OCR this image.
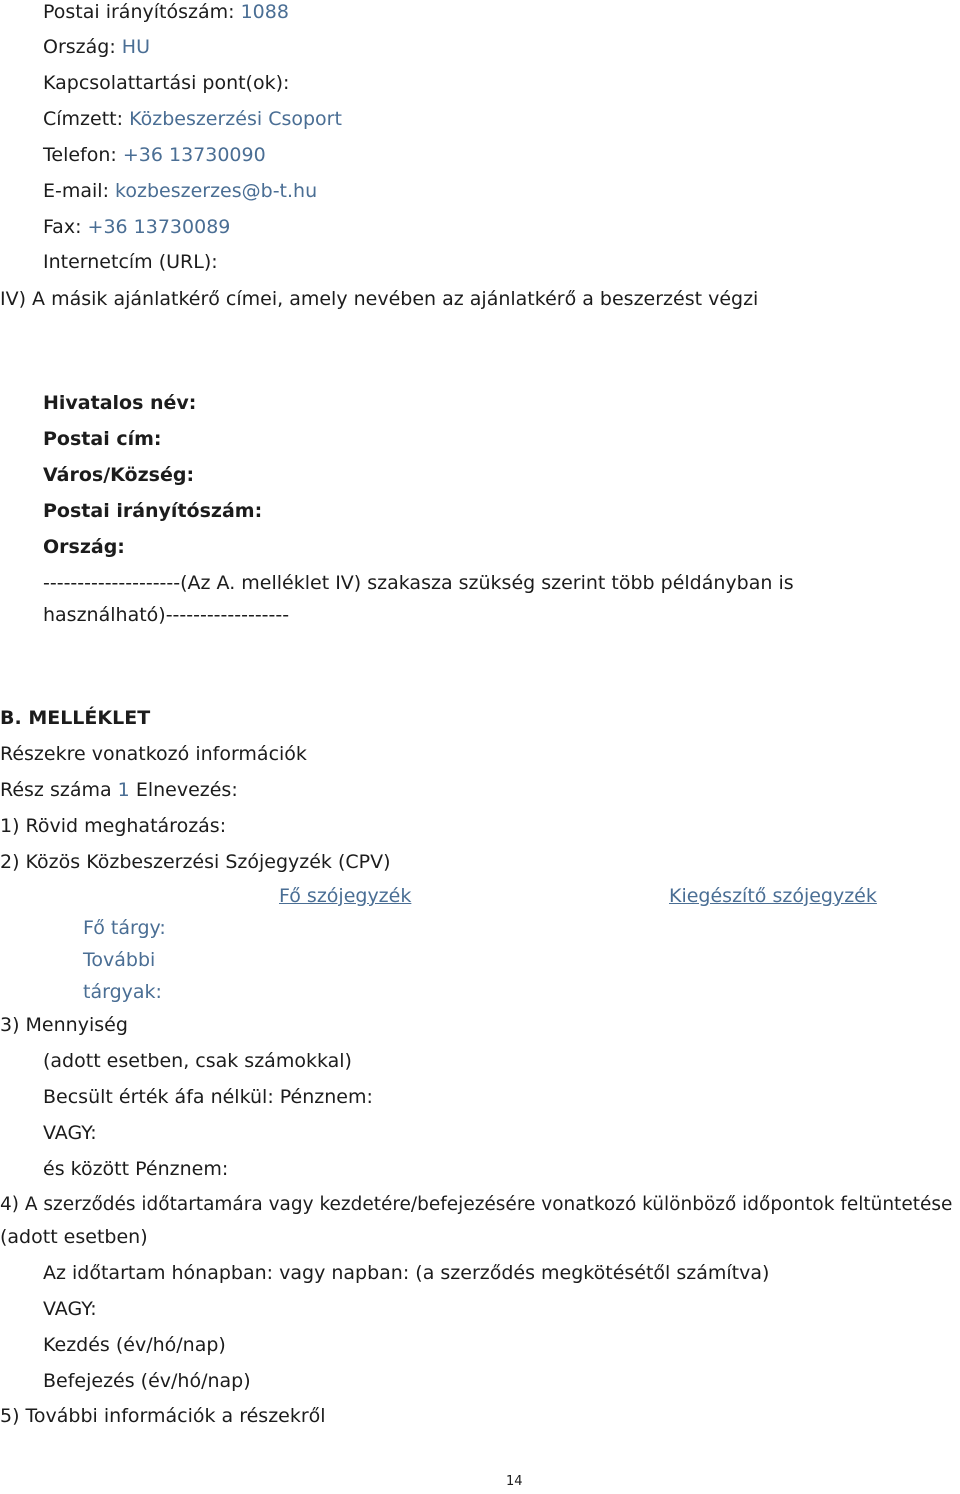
Postai irányítószám: 1088
Ország: HU
Kapcsolattartási pont(ok):
Címzett: Közbeszerzési Csoport
Telefon: +36 13730090
E-mail: kozbeszerzes@b-t.hu
Fax: +36 13730089
Internetcím (URL):
IV) A másik ajánlatkérő címei, amely nevében az ajánlatkérő a beszerzést végzi
Hivatalos név:
Postai cím:
Város/Község:
Postai irányítószám:
Ország:
--------------------(Az A. melléklet IV) szakasza szükség szerint több példányban is
használható)------------------
B. MELLÉKLET
Részekre vonatkozó információk
Rész száma 1 Elnevezés:
1) Rövid meghatározás:
2) Közös Közbeszerzési Szójegyzék (CPV)
Fő szójegyzék	Kiegészítő szójegyzék
Fő tárgy:
További
tárgyak:
3) Mennyiség
(adott esetben, csak számokkal)
Becsült érték áfa nélkül: Pénznem:
VAGY:
és között Pénznem:
4) A szerződés időtartamára vagy kezdetére/befejezésére vonatkozó különböző időpontok feltüntetése
(adott esetben)
Az időtartam hónapban: vagy napban: (a szerződés megkötésétől számítva)
VAGY:
Kezdés (év/hó/nap)
Befejezés (év/hó/nap)
5) További információk a részekről
14
